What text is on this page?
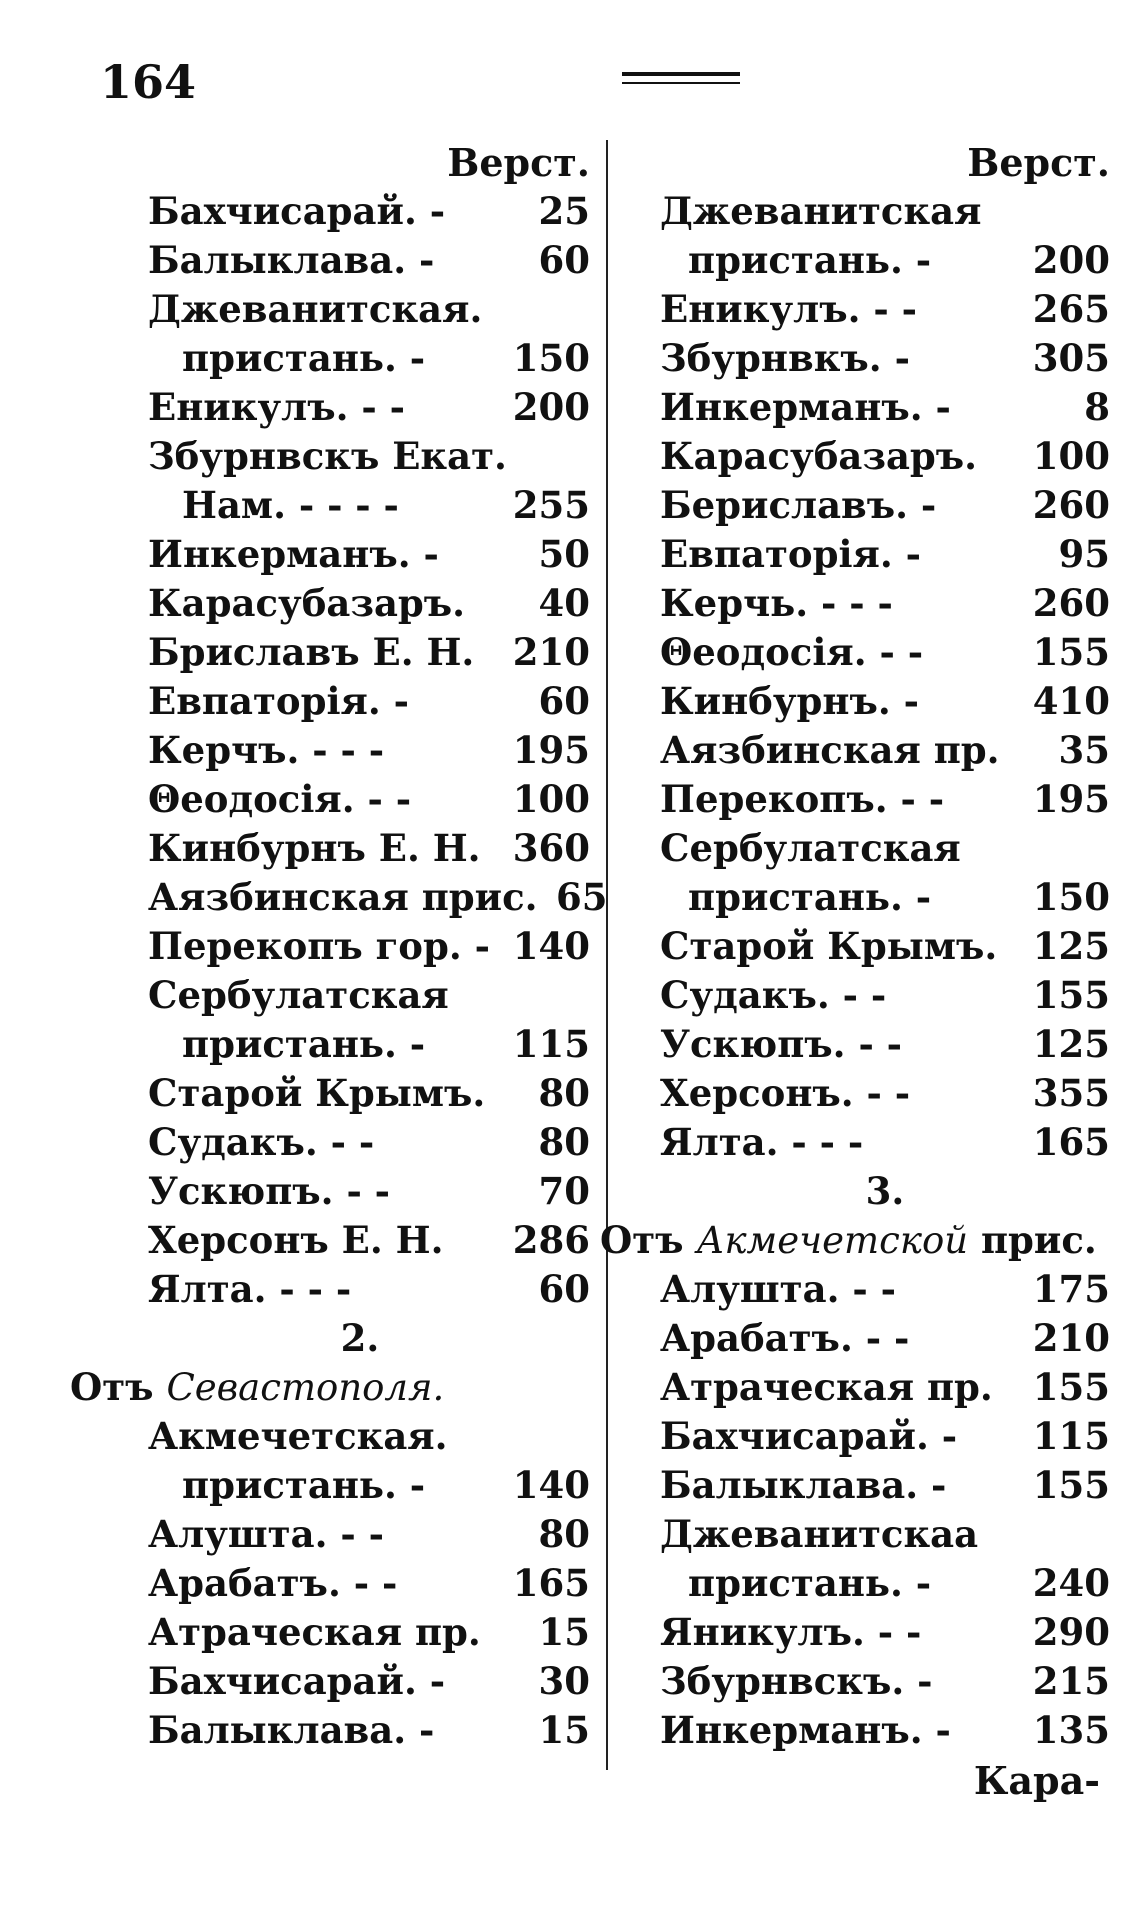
164
Верст.
Бахчисарай. -	25
Балыклава. -	60
Джеванитская.
пристань. - 150
Еникулъ. - -	200
Збурнвскъ Екат.
Нам. - - - -	255
Инкерманъ. -	50
Карасубазаръ.	40
Бриславъ Е. Н. 210
Евпаторія. -	60
Керчъ. - - -	195
Θеодосія. - -	100
Кинбурнъ Е. Н. 360
Аязбинская прис. 65
Перекопъ гор. - 140
Сербулатская
пристань. - 115
Старой Крымъ.	80
Судакъ. - -	80
Ускюпъ. - -	70
Херсонъ Е. Н. 286
Ялта. - - -	60
2.
Отъ Севастополя.
Акмечетская.
пристань. - 140
Алушта. - -	80
Арабатъ. - -	165
Атрачеcкая пр.	15
Бахчисарай. -	30
Балыклава. -	15
Верст.
Джеванитская
пристань. -	200
Еникулъ. - -	265
Збурнвкъ. -	305
Инкерманъ. -	8
Карасубазаръ. 100
Бериславъ. -	260
Евпаторія. -	95
Керчь. - - -	260
Θеодосія. - -	155
Кинбурнъ. -	410
Аязбинская пр.	35
Перекопъ. - - 195
Сербулатская
пристань. -	150
Старой Крымъ. 125
Судакъ. - -	155
Ускюпъ. - -	125
Херсонъ. - -	355
Ялта. - - -	165
3.
Отъ Акмечетской прис.
Алушта. - -	175
Арабатъ. - -	210
Атрачеcкая пр. 155
Бахчисарай. - 115
Балыклава. - 155
Джеванитскаа
пристань. -	240
Яникулъ. - -	290
Збурнвскъ. -	215
Инкерманъ. - 135
Кара-
